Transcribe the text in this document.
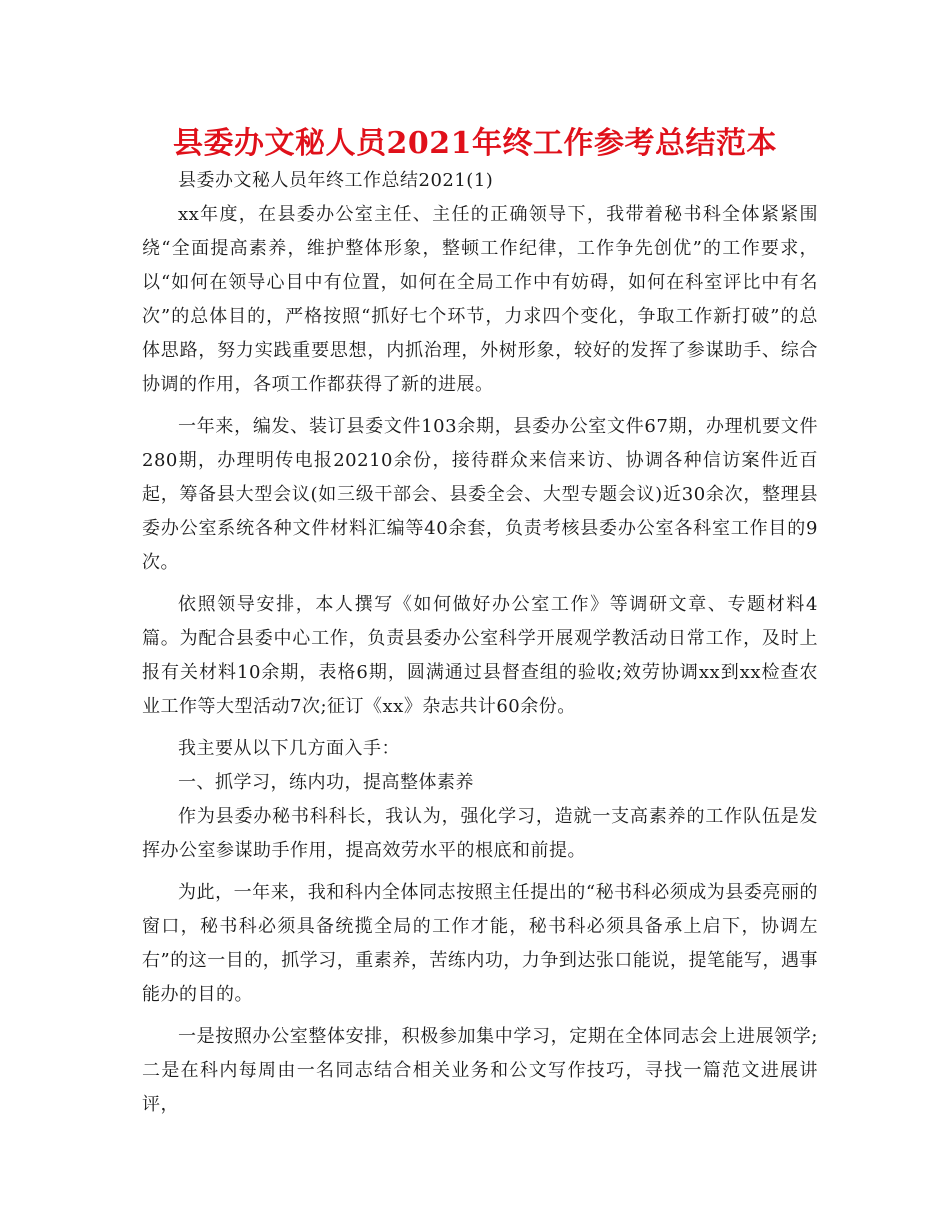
县委办文秘人员2021年终工作参考总结范本

县委办文秘人员年终工作总结2021(1)

xx年度，在县委办公室主任、主任的正确领导下，我带着秘书科全体紧紧围绕“全面提高素养，维护整体形象，整顿工作纪律，工作争先创优”的工作要求，以“如何在领导心目中有位置，如何在全局工作中有妨碍，如何在科室评比中有名次”的总体目的，严格按照“抓好七个环节，力求四个变化，争取工作新打破”的总体思路，努力实践重要思想，内抓治理，外树形象，较好的发挥了参谋助手、综合协调的作用，各项工作都获得了新的进展。

一年来，编发、装订县委文件103余期，县委办公室文件67期，办理机要文件280期，办理明传电报20210余份，接待群众来信来访、协调各种信访案件近百起，筹备县大型会议(如三级干部会、县委全会、大型专题会议)近30余次，整理县委办公室系统各种文件材料汇编等40余套，负责考核县委办公室各科室工作目的9次。

依照领导安排，本人撰写《如何做好办公室工作》等调研文章、专题材料4篇。为配合县委中心工作，负责县委办公室科学开展观学教活动日常工作，及时上报有关材料10余期，表格6期，圆满通过县督查组的验收;效劳协调xx到xx检查农业工作等大型活动7次;征订《xx》杂志共计60余份。

我主要从以下几方面入手：

一、抓学习，练内功，提高整体素养

作为县委办秘书科科长，我认为，强化学习，造就一支高素养的工作队伍是发挥办公室参谋助手作用，提高效劳水平的根底和前提。

为此，一年来，我和科内全体同志按照主任提出的“秘书科必须成为县委亮丽的窗口，秘书科必须具备统揽全局的工作才能，秘书科必须具备承上启下，协调左右”的这一目的，抓学习，重素养，苦练内功，力争到达张口能说，提笔能写，遇事能办的目的。

一是按照办公室整体安排，积极参加集中学习，定期在全体同志会上进展领学;二是在科内每周由一名同志结合相关业务和公文写作技巧，寻找一篇范文进展讲评，
